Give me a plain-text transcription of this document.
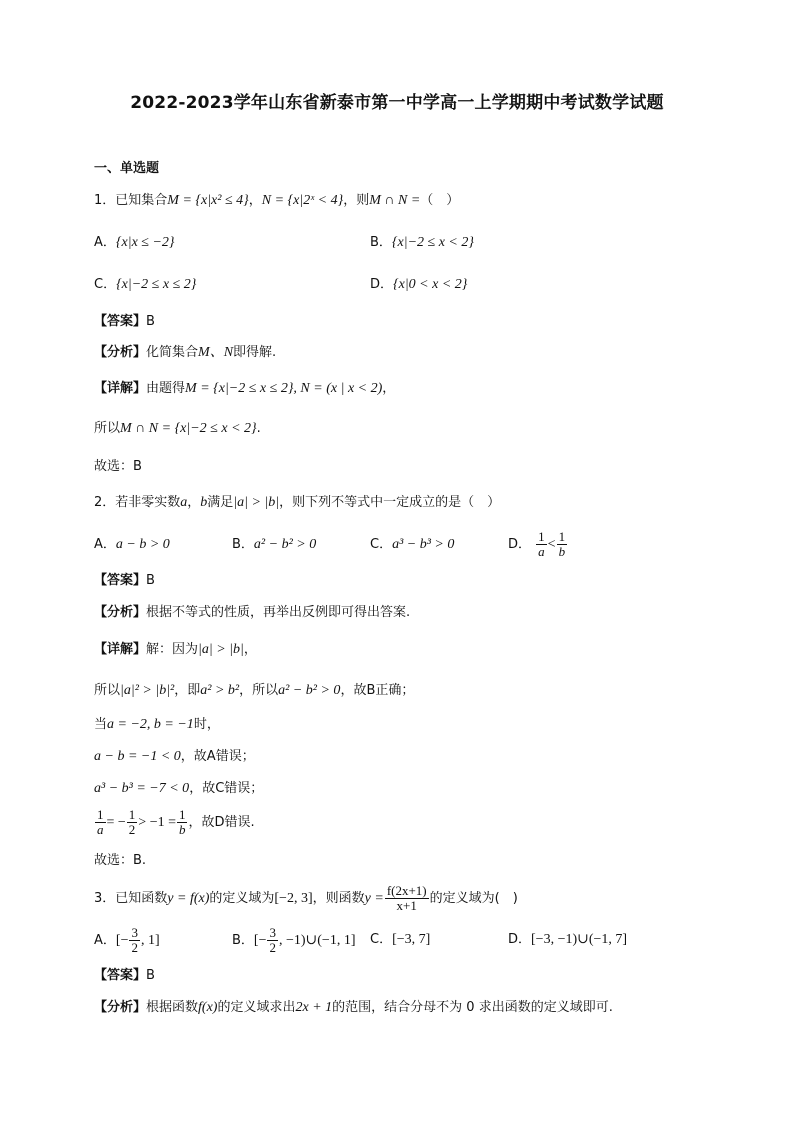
2022-2023学年山东省新泰市第一中学高一上学期期中考试数学试题
一、单选题
1．已知集合M = {x|x² ≤ 4}，N = {x|2ˣ < 4}，则M ∩ N =（　）
A．{x|x ≤ −2}	B．{x|−2 ≤ x < 2}
C．{x|−2 ≤ x ≤ 2}	D．{x|0 < x < 2}
【答案】B
【分析】化简集合M、N即得解.
【详解】由题得M = {x|−2 ≤ x ≤ 2}, N = (x | x < 2)，
所以M ∩ N = {x|−2 ≤ x < 2}.
故选：B
2．若非零实数a，b满足|a| > |b|，则下列不等式中一定成立的是（　）
A．a − b > 0	B．a² − b² > 0	C．a³ − b³ > 0	D． $\frac{1}{a} < \frac{1}{b}$
【答案】B
【分析】根据不等式的性质，再举出反例即可得出答案.
【详解】解：因为|a| > |b|，
所以|a|² > |b|²，即a² > b²，所以a² − b² > 0，故B正确；
当a = −2, b = −1时，
a − b = −1 < 0，故A错误；
a³ − b³ = −7 < 0，故C错误；
$\frac{1}{a}$ = − $\frac{1}{2} > -1 = \frac{1}{b}$ ，故D错误.
故选：B.
3．已知函数y = f(x)的定义域为[−2, 3]，则函数$y = \frac{f(2x+1)}{x+1}$ 的定义域为(　)
A．[− $\frac{3}{2}$ , 1]	B．[− $\frac{3}{2}$ , −1)∪(−1, 1] C．[−3, 7]	D．[−3, −1)∪(−1, 7]
【答案】B
【分析】根据函数f(x)的定义域求出2x + 1的范围，结合分母不为 0 求出函数的定义域即可.
